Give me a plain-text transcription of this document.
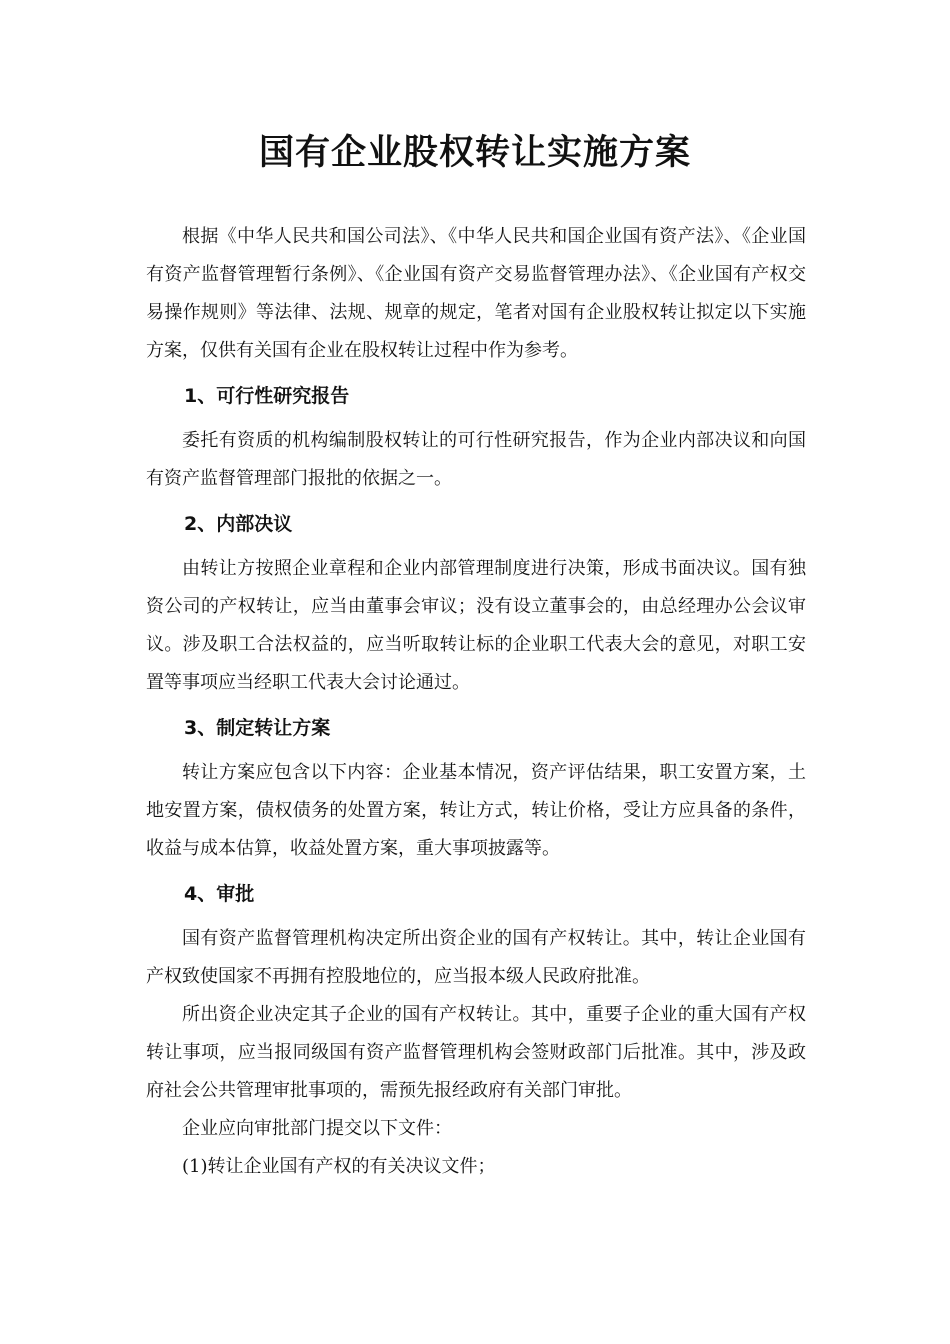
国有企业股权转让实施方案

根据《中华人民共和国公司法》、《中华人民共和国企业国有资产法》、《企业国有资产监督管理暂行条例》、《企业国有资产交易监督管理办法》、《企业国有产权交易操作规则》等法律、法规、规章的规定，笔者对国有企业股权转让拟定以下实施方案，仅供有关国有企业在股权转让过程中作为参考。

1、可行性研究报告

委托有资质的机构编制股权转让的可行性研究报告，作为企业内部决议和向国有资产监督管理部门报批的依据之一。

2、内部决议

由转让方按照企业章程和企业内部管理制度进行决策，形成书面决议。国有独资公司的产权转让，应当由董事会审议；没有设立董事会的，由总经理办公会议审议。涉及职工合法权益的，应当听取转让标的企业职工代表大会的意见，对职工安置等事项应当经职工代表大会讨论通过。

3、制定转让方案

转让方案应包含以下内容：企业基本情况，资产评估结果，职工安置方案，土地安置方案，债权债务的处置方案，转让方式，转让价格，受让方应具备的条件，收益与成本估算，收益处置方案，重大事项披露等。

4、审批

国有资产监督管理机构决定所出资企业的国有产权转让。其中，转让企业国有产权致使国家不再拥有控股地位的，应当报本级人民政府批准。

所出资企业决定其子企业的国有产权转让。其中，重要子企业的重大国有产权转让事项，应当报同级国有资产监督管理机构会签财政部门后批准。其中，涉及政府社会公共管理审批事项的，需预先报经政府有关部门审批。

企业应向审批部门提交以下文件：

(1)转让企业国有产权的有关决议文件；
